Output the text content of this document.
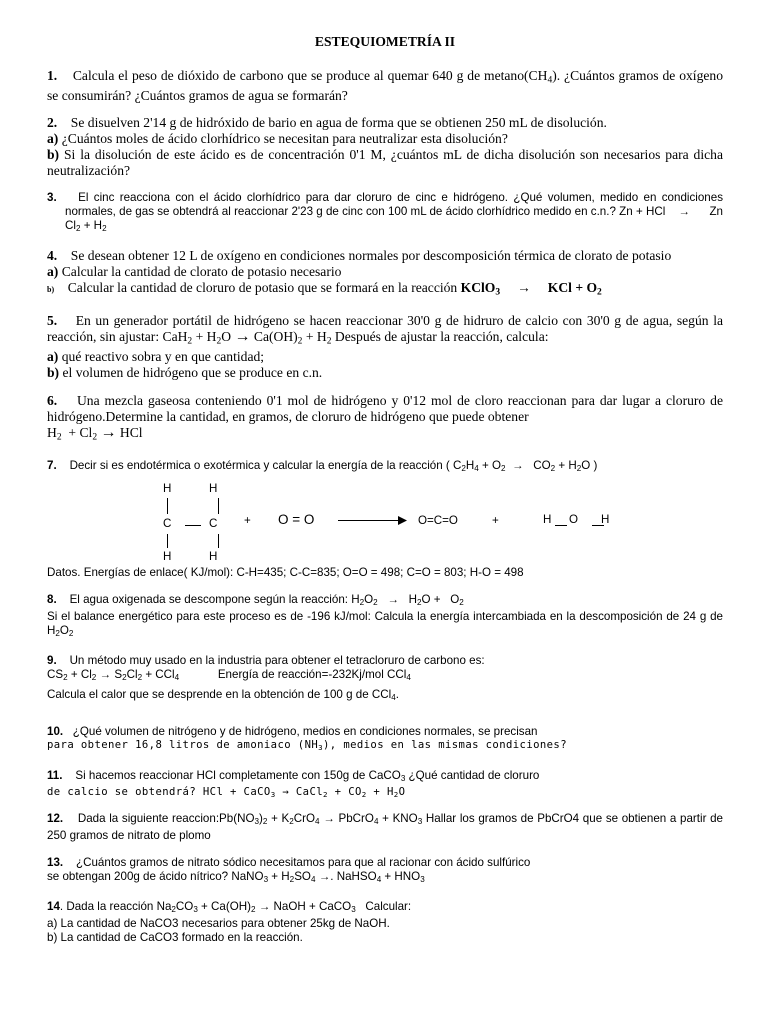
ESTEQUIOMETRÍA II

1. Calcula el peso de dióxido de carbono que se produce al quemar 640 g de $metano(CH_4)$. ¿Cuántos gramos de oxígeno se consumirán? ¿Cuántos gramos de agua se formarán?

2. Se disuelven 2'14 g de hidróxido de bario en agua de forma que se obtienen 250 mL de disolución.

a) ¿Cuántos moles de ácido clorhídrico se necesitan para neutralizar esta disolución?

b) Si la disolución de este ácido es de concentración 0'1 M, ¿cuántos mL de dicha disolución son necesarios para dicha neutralización?

3. El cinc reacciona con el ácido clorhídrico para dar cloruro de cinc e hidrógeno. ¿Qué volumen, medido en condiciones normales, de gas se obtendrá al reaccionar 2'23 g de cinc con 100 mL de ácido clorhídrico medido en c.n.? Zn + HCl → Zn $Cl_2 + H_2$

4. Se desean obtener 12 L de oxígeno en condiciones normales por descomposición térmica de clorato de potasio

a) Calcular la cantidad de clorato de potasio necesario

b) Calcular la cantidad de cloruro de potasio que se formará en la reacción KClO$_3$ → KCl + $O_2$

5. En un generador portátil de hidrógeno se hacen reaccionar 30'0 g de hidruro de calcio con 30'0 g de agua, según la reacción, sin ajustar: $CaH_2 + H_2O \to Ca(OH)_2 + H_2$ Después de ajustar la reacción, calcula:

a) qué reactivo sobra y en que cantidad;

b) el volumen de hidrógeno que se produce en c.n.

6. Una mezcla gaseosa conteniendo 0'1 mol de hidrógeno y 0'12 mol de cloro reaccionan para dar lugar a cloruro de hidrógeno.Determine la cantidad, en gramos, de cloruro de hidrógeno que puede obtener

$H_2 + Cl_2$ → HCl

7. Decir si es endotérmica o exotérmica y calcular la energía de la reacción ( $C_2H_4 + O_2 \to CO_2 + H_2O$ )

H	H
C	C
H	H
+ O = O	O=C=O	+	H O H

Datos. Energías de enlace( KJ/mol): C-H=435; C-C=835; O=O = 498; C=O = 803; H-O = 498

8. El agua oxigenada se descompone según la reacción: $H_2O_2 \to H_2O + O_2$

Si el balance energético para este proceso es de -196 kJ/mol: Calcula la energía intercambiada en la descomposición de 24 g de $H_2O_2$

9. Un método muy usado en la industria para obtener el tetracloruro de carbono es:

$CS_2 + Cl_2 \to S_2Cl_2 + CCl_4$	Energía de reacción=-232Kj/mol CCl$_4$

Calcula el calor que se desprende en la obtención de 100 g de CCl$_4$.

10. ¿Qué volumen de nitrógeno y de hidrógeno, medios en condiciones normales, se precisan

para obtener 16,8 litros de amoniaco $(NH_3)$, medios en las mismas condiciones?

11. Si hacemos reaccionar HCl completamente con 150g de CaCO$_3$ ¿Qué cantidad de cloruro

de calcio se obtendrá? HCl + CaCO$_3$ → CaCl$_2$ + $CO_2 + H_2O$

12. Dada la siguiente $reaccion:Pb(NO_3)_2 + K_2CrO_4$ → PbCrO$_4$ + $KNO_3$ Hallar los gramos de PbCrO4 que se obtienen a partir de 250 gramos de nitrato de plomo

13. ¿Cuántos gramos de nitrato sódico necesitamos para que al racionar con ácido sulfúrico

se obtengan 200g de ácido nítrico? NaNO$_3$ + $H_2SO_4$ →. NaHSO$_4$ + $HNO_3$

14. Dada la reacción $Na_2CO_3 + Ca(OH)_2$ → NaOH + CaCO$_3$   Calcular:

a) La cantidad de NaCO3 necesarios para obtener 25kg de NaOH.

b) La cantidad de CaCO3 formado en la reacción.
